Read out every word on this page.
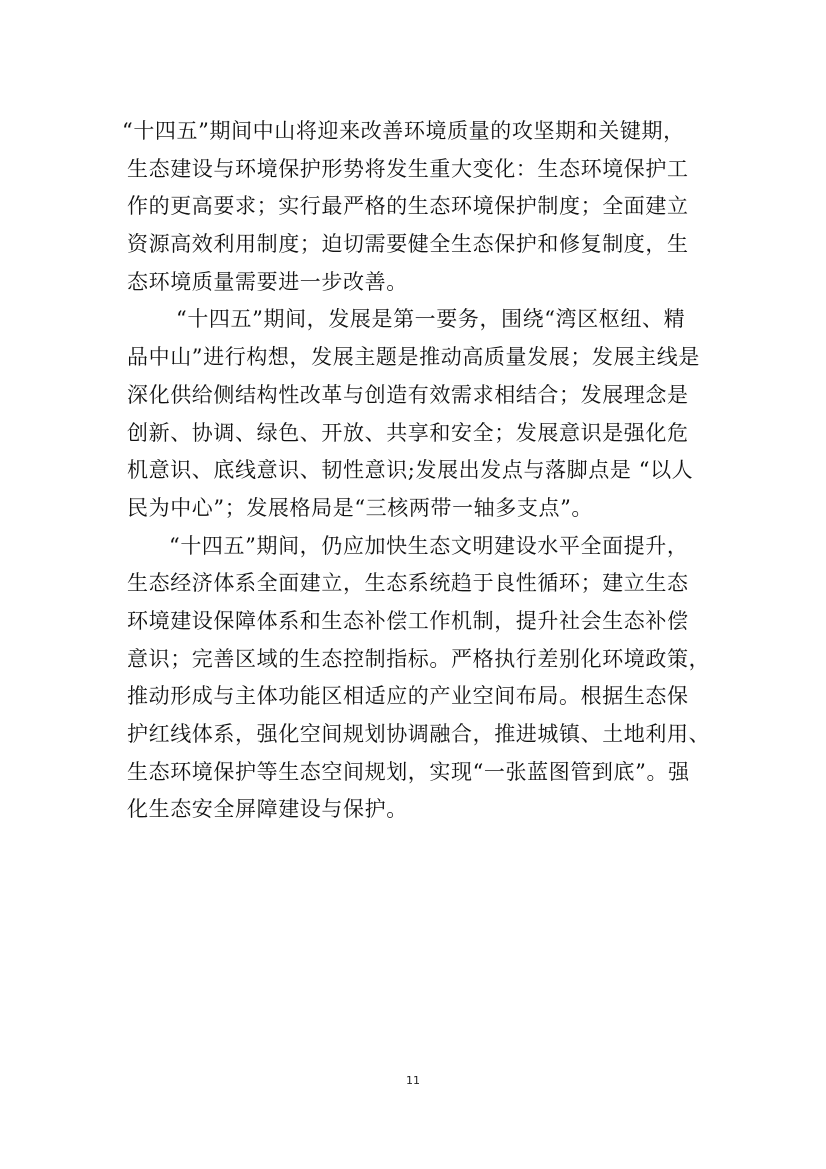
“十四五”期间中山将迎来改善环境质量的攻坚期和关键期，
生态建设与环境保护形势将发生重大变化：生态环境保护工
作的更高要求；实行最严格的生态环境保护制度；全面建立
资源高效利用制度；迫切需要健全生态保护和修复制度，生
态环境质量需要进一步改善。
“十四五”期间，发展是第一要务，围绕“湾区枢纽、精
品中山”进行构想，发展主题是推动高质量发展；发展主线是
深化供给侧结构性改革与创造有效需求相结合；发展理念是
创新、协调、绿色、开放、共享和安全；发展意识是强化危
机意识、底线意识、韧性意识;发展出发点与落脚点是 “以人
民为中心”；发展格局是“三核两带一轴多支点”。
“十四五”期间，仍应加快生态文明建设水平全面提升，
生态经济体系全面建立，生态系统趋于良性循环；建立生态
环境建设保障体系和生态补偿工作机制，提升社会生态补偿
意识；完善区域的生态控制指标。严格执行差别化环境政策，
推动形成与主体功能区相适应的产业空间布局。根据生态保
护红线体系，强化空间规划协调融合，推进城镇、土地利用、
生态环境保护等生态空间规划，实现“一张蓝图管到底”。强
化生态安全屏障建设与保护。
11
